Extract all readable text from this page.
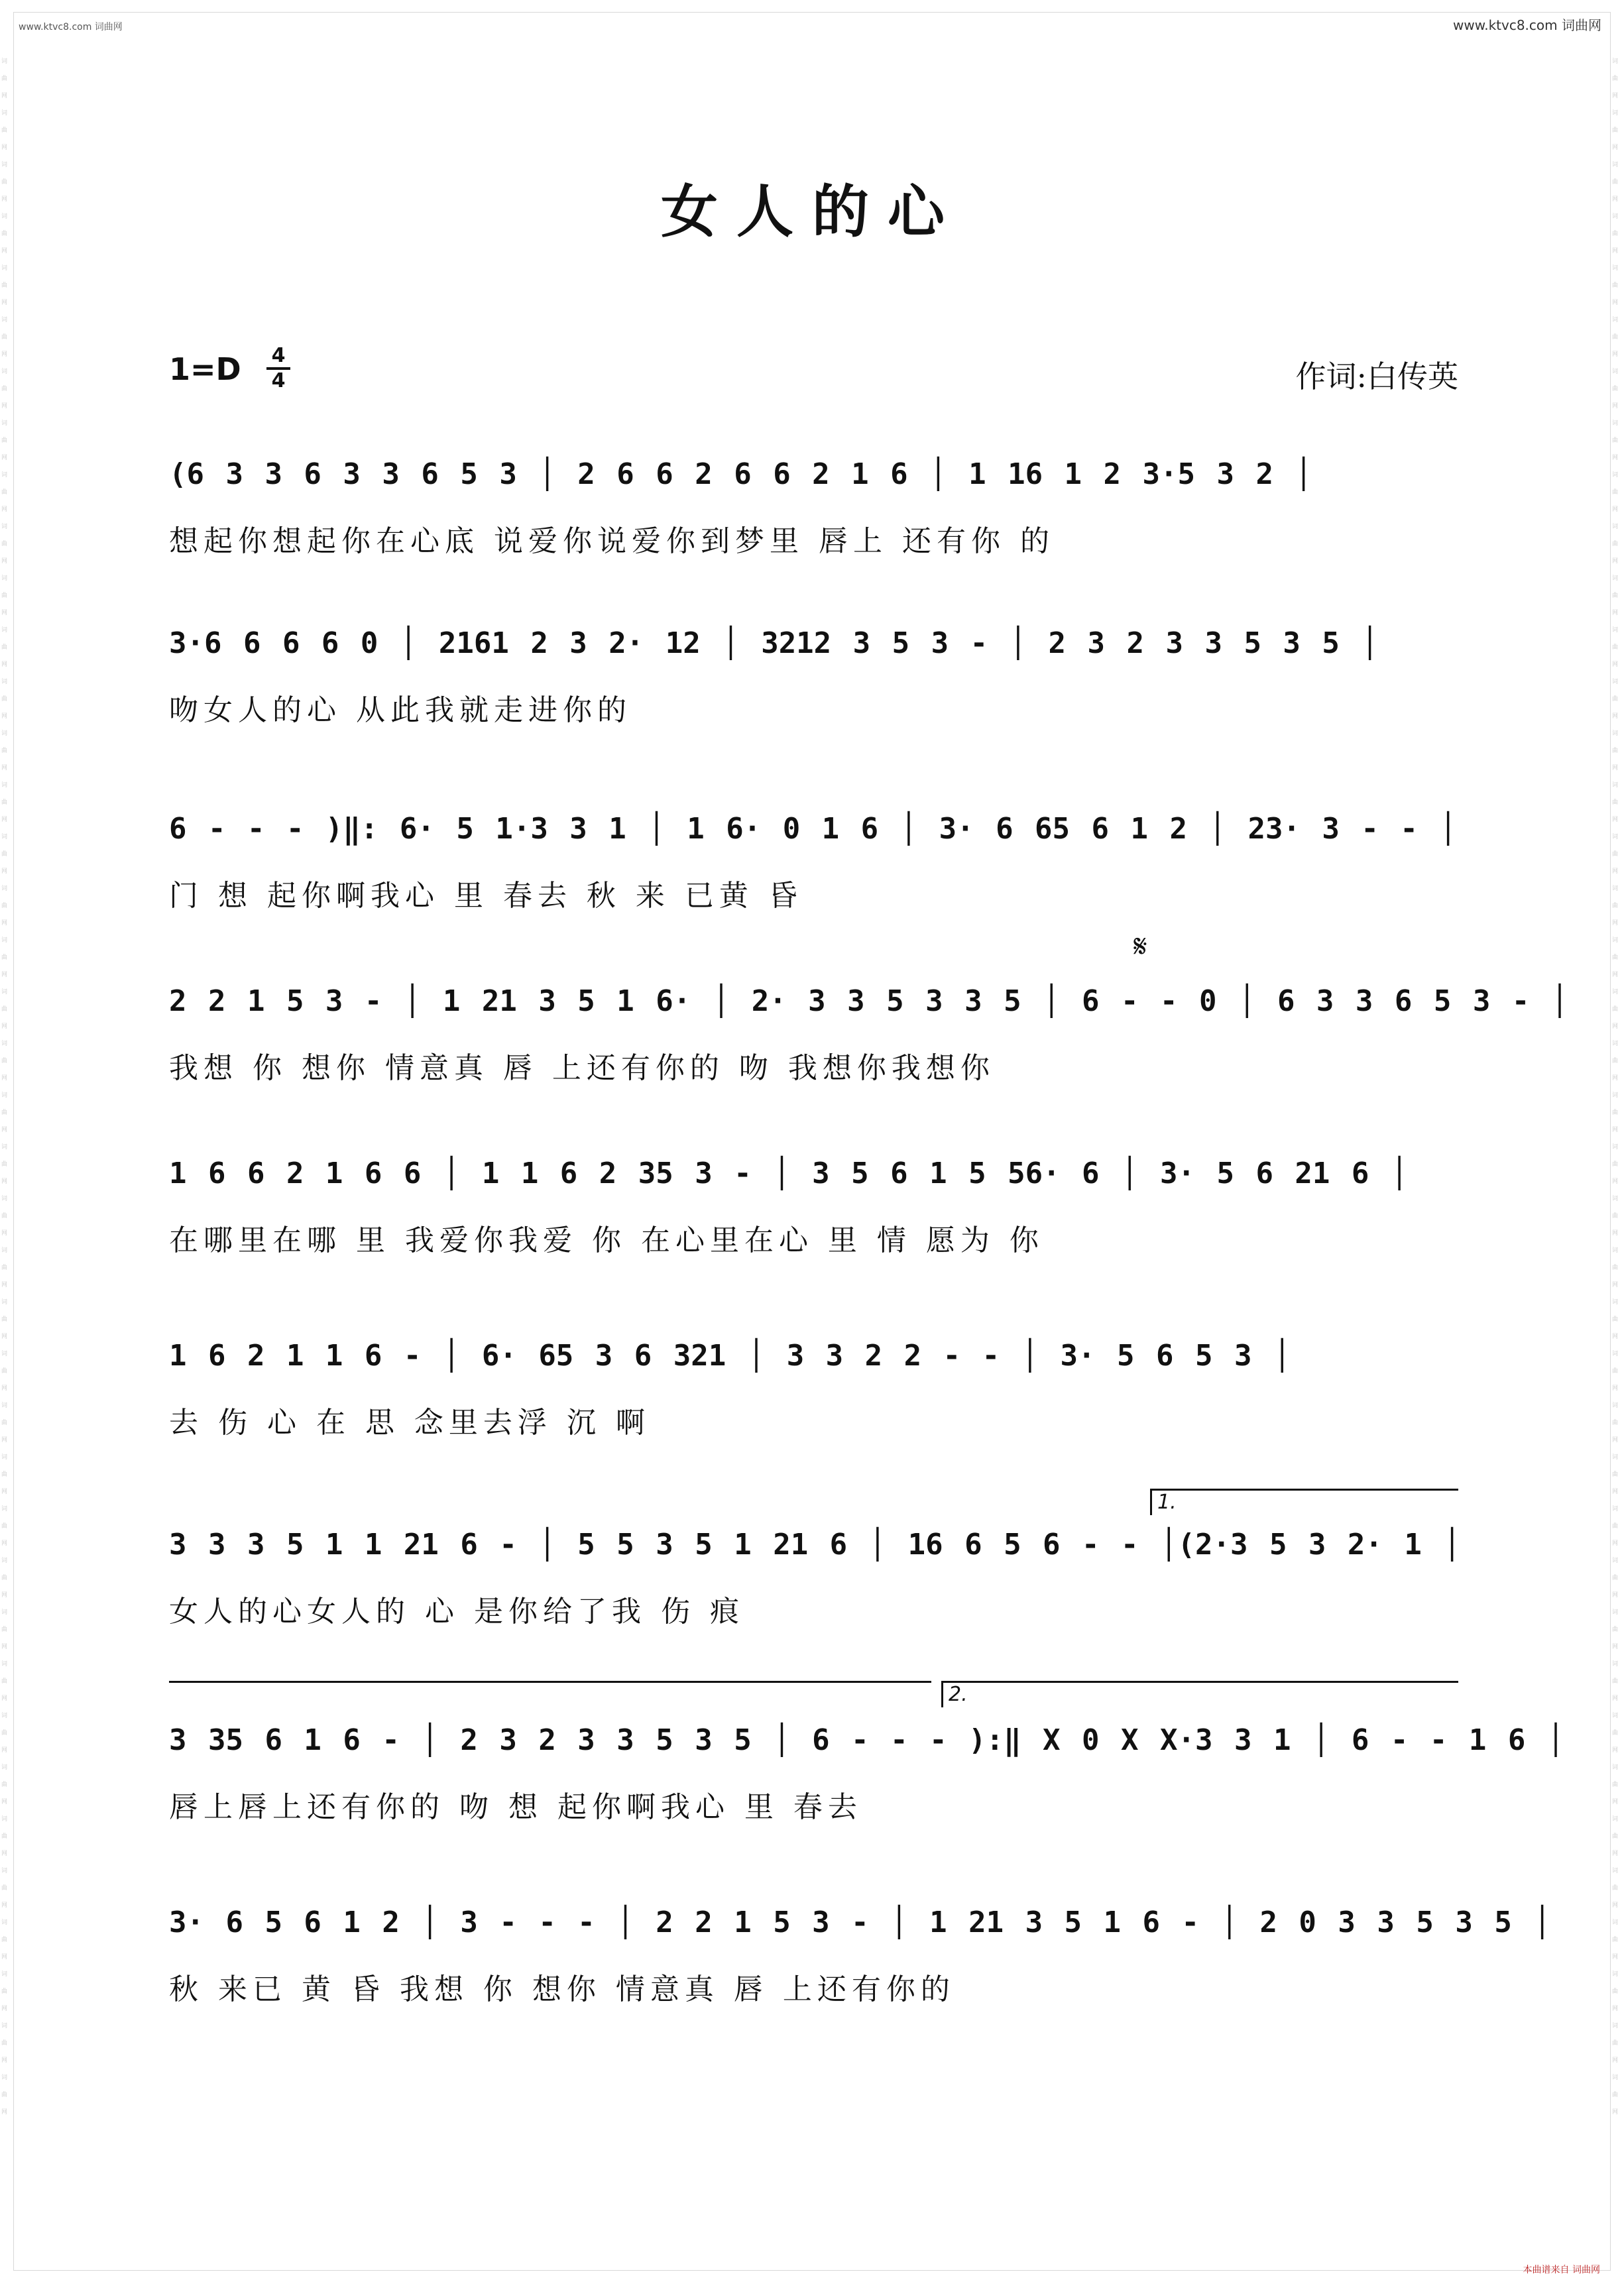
www.ktvc8.com 词曲网	www.ktvc8.com 词曲网
本曲谱来自 词曲网
词曲网词曲网词曲网词曲网词曲网词曲网词曲网词曲网词曲网词曲网词曲网词曲网词曲网词曲网词曲网词曲网词曲网词曲网词曲网词曲网词曲网词曲网词曲网词曲网词曲网词曲网词曲网词曲网词曲网词曲网词曲网词曲网词曲网词曲网词曲网词曲网词曲网词曲网词曲网词曲网
词曲网词曲网词曲网词曲网词曲网词曲网词曲网词曲网词曲网词曲网词曲网词曲网词曲网词曲网词曲网词曲网词曲网词曲网词曲网词曲网词曲网词曲网词曲网词曲网词曲网词曲网词曲网词曲网词曲网词曲网词曲网词曲网词曲网词曲网词曲网词曲网词曲网词曲网词曲网词曲网
女人的心
1=D 4
4	作词:白传英
𝄋
1.
2.
(6 3 3 6 3 3 6 5 3 │ 2 6 6 2 6 6 2 1 6 │ 1 16 1 2 3·5 3 2 │
想起你想起你在心底 说爱你说爱你到梦里 唇上 还有你 的
3·6 6 6 6 0 │ 2161 2 3 2· 12 │ 3212 3 5 3 - │ 2 3 2 3 3 5 3 5 │
吻女人的心 从此我就走进你的
6 - - - )‖: 6· 5 1·3 3 1 │ 1 6· 0 1 6 │ 3· 6 65 6 1 2 │ 23· 3 - - │
门 想 起你啊我心 里 春去 秋 来 已黄 昏
2 2 1 5 3 - │ 1 21 3 5 1 6· │ 2· 3 3 5 3 3 5 │ 6 - - 0 │ 6 3 3 6 5 3 - │
我想 你 想你 情意真 唇 上还有你的 吻 我想你我想你
1 6 6 2 1 6 6 │ 1 1 6 2 35 3 - │ 3 5 6 1 5 56· 6 │ 3· 5 6 21 6 │
在哪里在哪 里 我爱你我爱 你 在心里在心 里 情 愿为 你
1 6 2 1 1 6 - │ 6· 65 3 6 321 │ 3 3 2 2 - - │ 3· 5 6 5 3 │
去 伤 心 在 思 念里去浮 沉 啊
3 3 3 5 1 1 21 6 - │ 5 5 3 5 1 21 6 │ 16 6 5 6 - - │(2·3 5 3 2· 1 │
女人的心女人的 心 是你给了我 伤 痕
3 35 6 1 6 - │ 2 3 2 3 3 5 3 5 │ 6 - - - ):‖ X 0 X X·3 3 1 │ 6 - - 1 6 │
唇上唇上还有你的 吻 想 起你啊我心 里 春去
3· 6 5 6 1 2 │ 3 - - - │ 2 2 1 5 3 - │ 1 21 3 5 1 6 - │ 2 0 3 3 5 3 5 │
秋 来已 黄 昏 我想 你 想你 情意真 唇 上还有你的
